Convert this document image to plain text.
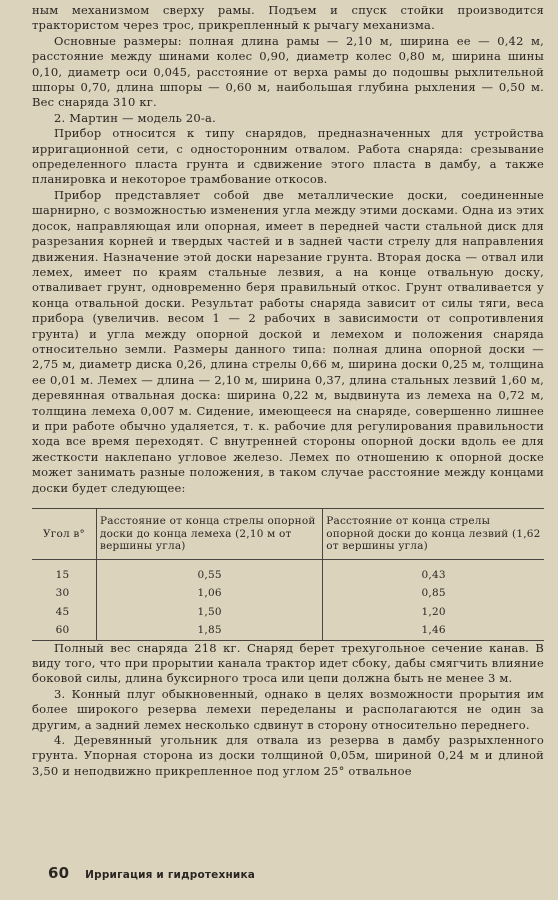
ным механизмом сверху рамы. Подъем и спуск стойки производится трактористом через трос, прикрепленный к рычагу механизма.

Основные размеры: полная длина рамы — 2,10 м, ширина ее — 0,42 м, расстояние между шинами колес 0,90, диаметр колес 0,80 м, ширина шины 0,10, диаметр оси 0,045, расстояние от верха рамы до подошвы рыхлительной шпоры 0,70, длина шпоры — 0,60 м, наибольшая глубина рыхления — 0,50 м. Вес снаряда 310 кг.

2. Мартин — модель 20-а.

Прибор относится к типу снарядов, предназначенных для устройства ирригационной сети, с односторонним отвалом. Работа снаряда: срезывание определенного пласта грунта и сдвижение этого пласта в дамбу, а также планировка и некоторое трамбование откосов.

Прибор представляет собой две металлические доски, соединенные шарнирно, с возможностью изменения угла между этими досками. Одна из этих досок, направляющая или опорная, имеет в передней части стальной диск для разрезания корней и твердых частей и в задней части стрелу для направления движения. Назначение этой доски нарезание грунта. Вторая доска — отвал или лемех, имеет по краям стальные лезвия, а на конце отвальную доску, отваливает грунт, одновременно беря правильный откос. Грунт отваливается у конца отвальной доски. Результат работы снаряда зависит от силы тяги, веса прибора (увеличив. весом 1 — 2 рабочих в зависимости от сопротивления грунта) и угла между опорной доской и лемехом и положения снаряда относительно земли. Размеры данного типа: полная длина опорной доски — 2,75 м, диаметр диска 0,26, длина стрелы 0,66 м, ширина доски 0,25 м, толщина ее 0,01 м. Лемех — длина — 2,10 м, ширина 0,37, длина стальных лезвий 1,60 м, деревянная отвальная доска: ширина 0,22 м, выдвинута из лемеха на 0,72 м, толщина лемеха 0,007 м. Сидение, имеющееся на снаряде, совершенно лишнее и при работе обычно удаляется, т. к. рабочие для регулирования правильности хода все время переходят. С внутренней стороны опорной доски вдоль ее для жесткости наклепано угловое железо. Лемех по отношению к опорной доске может занимать разные положения, в таком случае расстояние между концами доски будет следующее:

Угол в°	Расстояние от конца стрелы опорной доски до конца лемеха (2,10 м от вершины угла)	Расстояние от конца стрелы опорной доски до конца лезвий (1,62 от вершины угла)
15	0,55	0,43
30	1,06	0,85
45	1,50	1,20
60	1,85	1,46

Полный вес снаряда 218 кг. Снаряд берет трехугольное сечение канав. В виду того, что при прорытии канала трактор идет сбоку, дабы смягчить влияние боковой силы, длина буксирного троса или цепи должна быть не менее 3 м.

3. Конный плуг обыкновенный, однако в целях возможности прорытия им более широкого резерва лемехи переделаны и располагаются не один за другим, а задний лемех несколько сдвинут в сторону относительно переднего.

4. Деревянный угольник для отвала из резерва в дамбу разрыхленного грунта. Упорная сторона из доски толщиной 0,05м, шириной 0,24 м и длиной 3,50 и неподвижно прикрепленное под углом 25° отвальное

60 Ирригация и гидротехника
